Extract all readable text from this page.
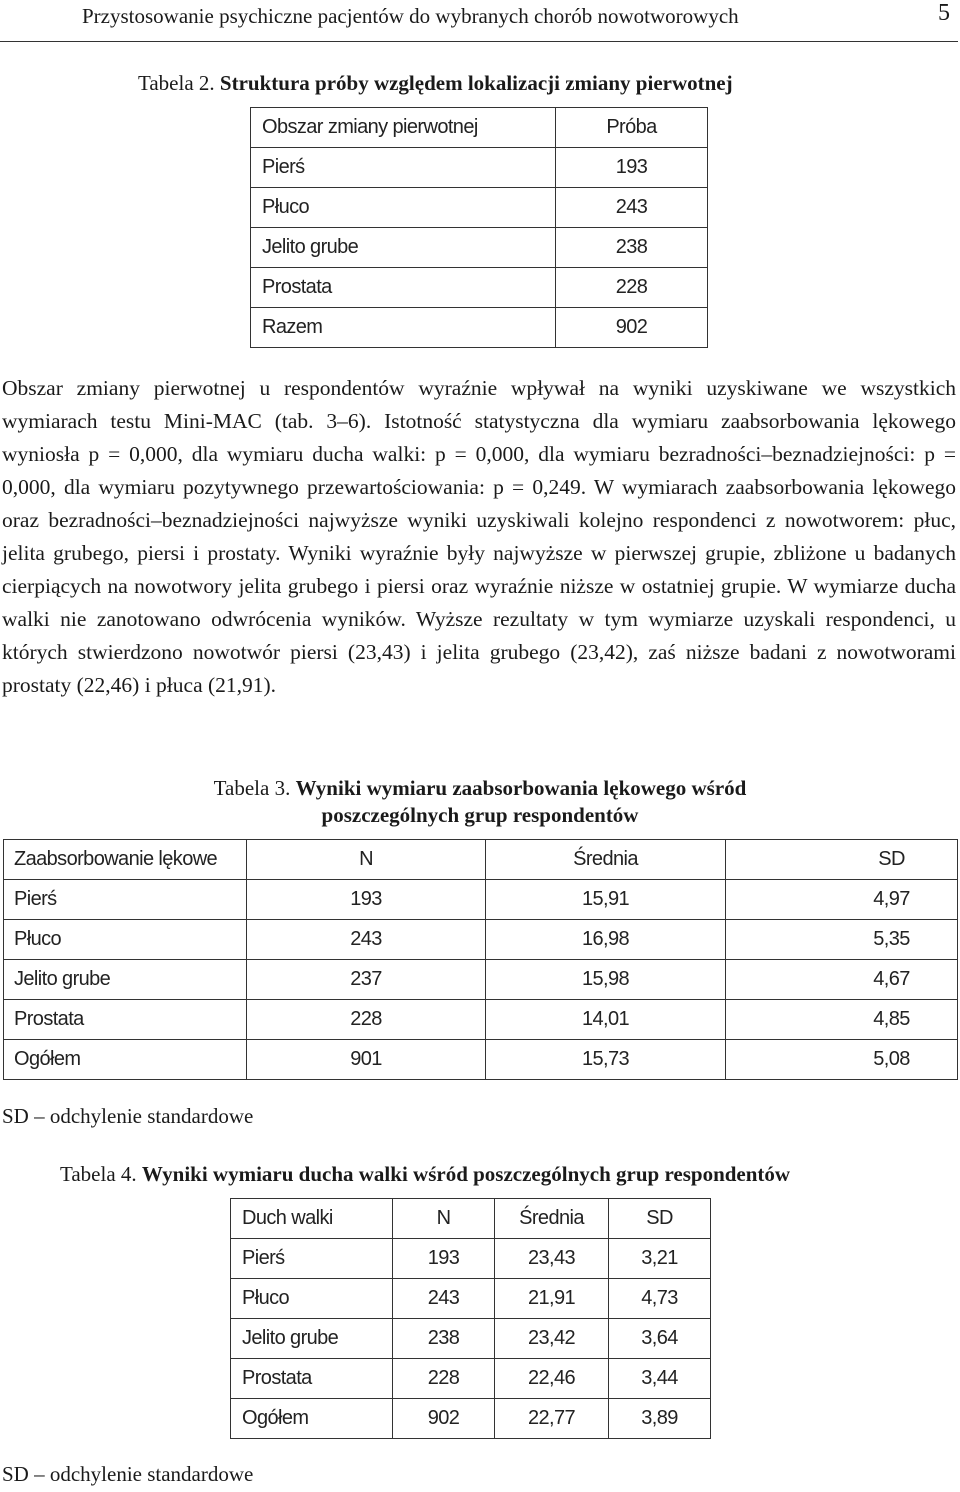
Przystosowanie psychiczne pacjentów do wybranych chorób nowotworowych	5
Tabela 2. Struktura próby względem lokalizacji zmiany pierwotnej
Obszar zmiany pierwotnej	Próba
Pierś	193
Płuco	243
Jelito grube	238
Prostata	228
Razem	902

Obszar zmiany pierwotnej u respondentów wyraźnie wpływał na wyniki uzyskiwane we wszystkich wymiarach testu Mini-MAC (tab. 3–6). Istotność statystyczna dla wymiaru zaabsorbowania lękowego wyniosła p = 0,000, dla wymiaru ducha walki: p = 0,000, dla wymiaru bezradności–beznadziejności: p = 0,000, dla wymiaru pozytywnego przewartościowania: p = 0,249. W wymiarach zaabsorbowania lękowego oraz bezradności–beznadziejności najwyższe wyniki uzyskiwali kolejno respondenci z nowotworem: płuc, jelita grubego, piersi i prostaty. Wyniki wyraźnie były najwyższe w pierwszej grupie, zbliżone u badanych cierpiących na nowotwory jelita grubego i piersi oraz wyraźnie niższe w ostatniej grupie. W wymiarze ducha walki nie zanotowano odwrócenia wyników. Wyższe rezultaty w tym wymiarze uzyskali respondenci, u których stwierdzono nowotwór piersi (23,43) i jelita grubego (23,42), zaś niższe badani z nowotworami prostaty (22,46) i płuca (21,91).

Tabela 3. Wyniki wymiaru zaabsorbowania lękowego wśród
poszczególnych grup respondentów
Zaabsorbowanie lękowe	N	Średnia	SD
Pierś	193	15,91	4,97
Płuco	243	16,98	5,35
Jelito grube	237	15,98	4,67
Prostata	228	14,01	4,85
Ogółem	901	15,73	5,08
SD – odchylenie standardowe
Tabela 4. Wyniki wymiaru ducha walki wśród poszczególnych grup respondentów
Duch walki	N	Średnia	SD
Pierś	193	23,43	3,21
Płuco	243	21,91	4,73
Jelito grube	238	23,42	3,64
Prostata	228	22,46	3,44
Ogółem	902	22,77	3,89
SD – odchylenie standardowe
